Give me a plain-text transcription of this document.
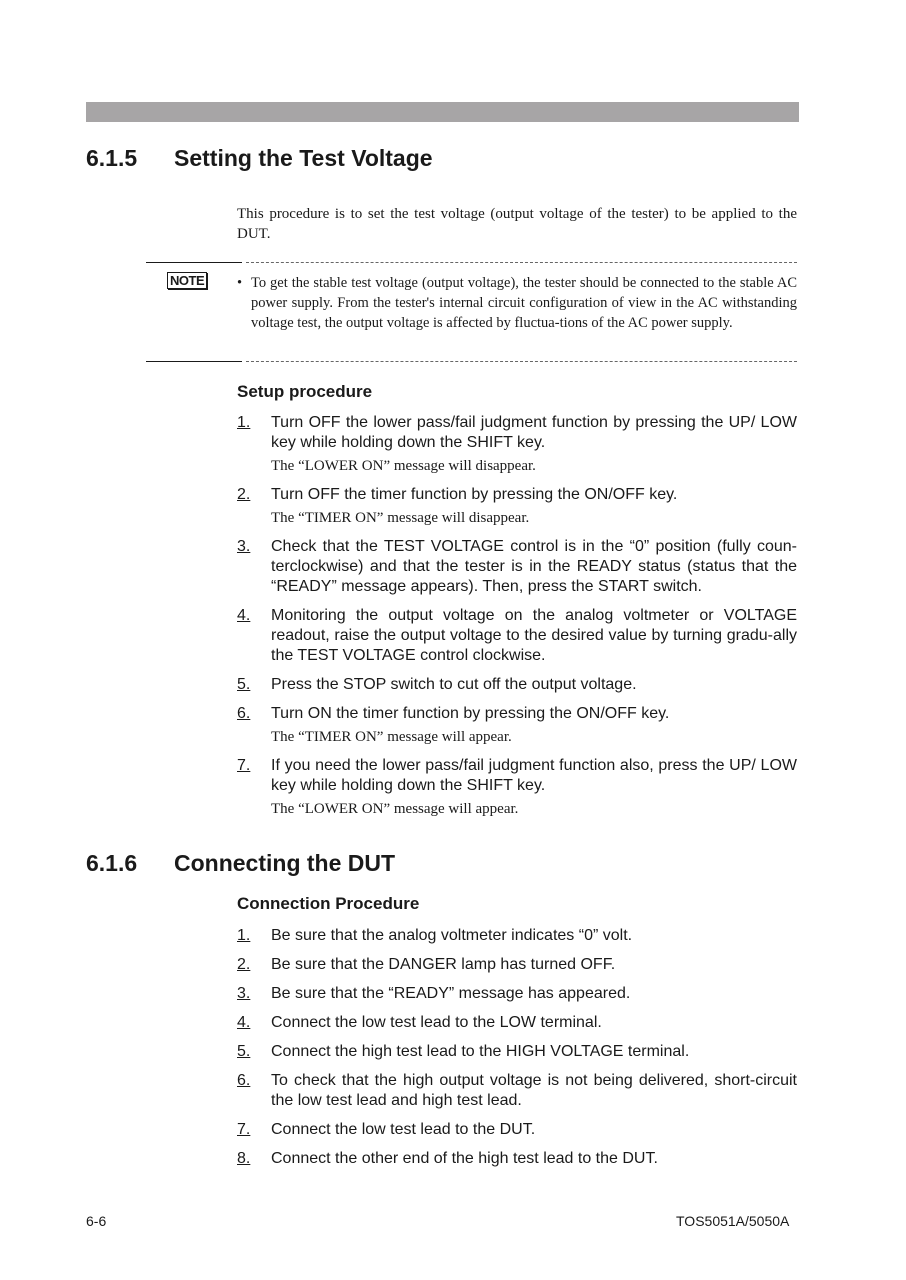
6.1.5 Setting the Test Voltage

This procedure is to set the test voltage (output voltage of the tester) to be applied to the DUT.

NOTE • To get the stable test voltage (output voltage), the tester should be connected to the stable AC power supply. From the tester's internal circuit configuration of view in the AC withstanding voltage test, the output voltage is affected by fluctua-tions of the AC power supply.
Setup procedure
1. Turn OFF the lower pass/fail judgment function by pressing the UP/ LOW key while holding down the SHIFT key.
The “LOWER ON” message will disappear.
2. Turn OFF the timer function by pressing the ON/OFF key.
The “TIMER ON” message will disappear.
3. Check that the TEST VOLTAGE control is in the “0” position (fully coun-terclockwise) and that the tester is in the READY status (status that the “READY” message appears). Then, press the START switch.
4. Monitoring the output voltage on the analog voltmeter or VOLTAGE readout, raise the output voltage to the desired value by turning gradu-ally the TEST VOLTAGE control clockwise.
5. Press the STOP switch to cut off the output voltage.
6. Turn ON the timer function by pressing the ON/OFF key.
The “TIMER ON” message will appear.
7. If you need the lower pass/fail judgment function also, press the UP/ LOW key while holding down the SHIFT key.
The “LOWER ON” message will appear.
6.1.6 Connecting the DUT
Connection Procedure
1. Be sure that the analog voltmeter indicates “0” volt.
2. Be sure that the DANGER lamp has turned OFF.
3. Be sure that the “READY” message has appeared.
4. Connect the low test lead to the LOW terminal.
5. Connect the high test lead to the HIGH VOLTAGE terminal.
6. To check that the high output voltage is not being delivered, short-circuit the low test lead and high test lead.
7. Connect the low test lead to the DUT.
8. Connect the other end of the high test lead to the DUT.
6-6	TOS5051A/5050A
